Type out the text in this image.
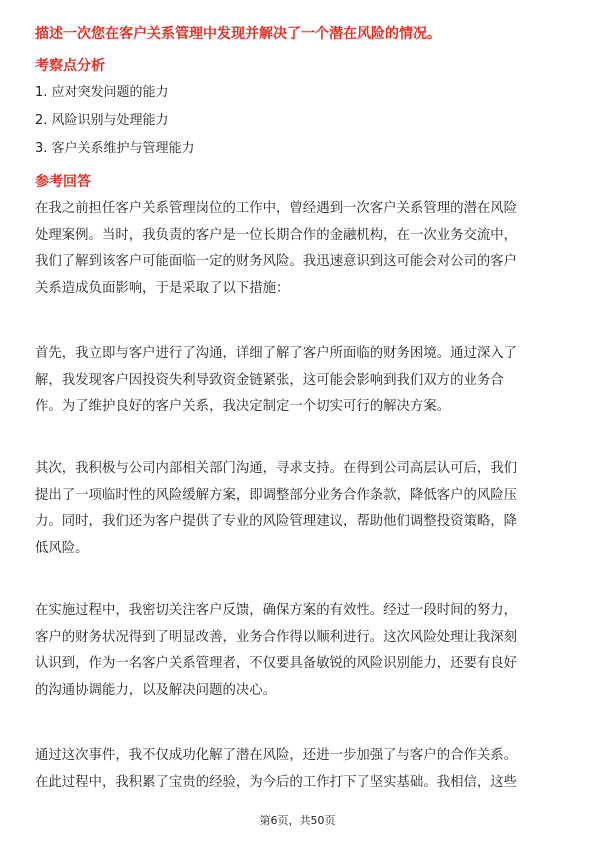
描述一次您在客户关系管理中发现并解决了一个潜在风险的情况。
考察点分析
1. 应对突发问题的能力
2. 风险识别与处理能力
3. 客户关系维护与管理能力
参考回答
在我之前担任客户关系管理岗位的工作中，曾经遇到一次客户关系管理的潜在风险
处理案例。当时，我负责的客户是一位长期合作的金融机构，在一次业务交流中，
我们了解到该客户可能面临一定的财务风险。我迅速意识到这可能会对公司的客户
关系造成负面影响，于是采取了以下措施：
首先，我立即与客户进行了沟通，详细了解了客户所面临的财务困境。通过深入了
解，我发现客户因投资失利导致资金链紧张，这可能会影响到我们双方的业务合
作。为了维护良好的客户关系，我决定制定一个切实可行的解决方案。
其次，我积极与公司内部相关部门沟通，寻求支持。在得到公司高层认可后，我们
提出了一项临时性的风险缓解方案，即调整部分业务合作条款，降低客户的风险压
力。同时，我们还为客户提供了专业的风险管理建议，帮助他们调整投资策略，降
低风险。
在实施过程中，我密切关注客户反馈，确保方案的有效性。经过一段时间的努力，
客户的财务状况得到了明显改善，业务合作得以顺利进行。这次风险处理让我深刻
认识到，作为一名客户关系管理者，不仅要具备敏锐的风险识别能力，还要有良好
的沟通协调能力，以及解决问题的决心。
通过这次事件，我不仅成功化解了潜在风险，还进一步加强了与客户的合作关系。
在此过程中，我积累了宝贵的经验，为今后的工作打下了坚实基础。我相信，这些
第6页，共50页
